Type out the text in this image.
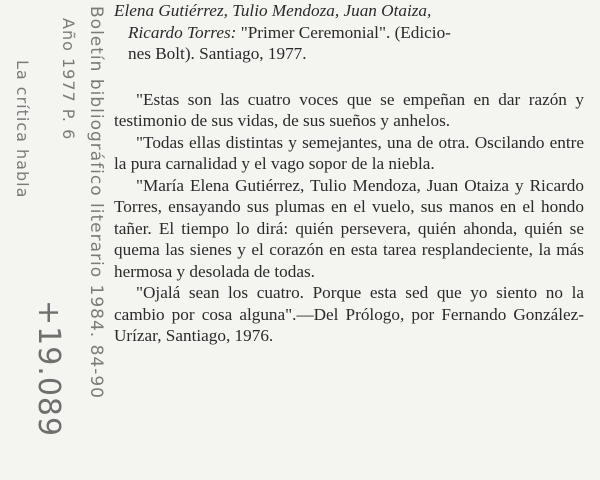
Boletín bibliográfico literario 1984. 84-90
Año 1977 P. 6
La crítica habla
+19.089

Elena Gutiérrez, Tulio Mendoza, Juan Otaiza,
Ricardo Torres: "Primer Ceremonial". (Edicio-
nes Bolt). Santiago, 1977.

"Estas son las cuatro voces que se empeñan en dar razón y testimonio de sus vidas, de sus sueños y anhelos.

"Todas ellas distintas y semejantes, una de otra. Oscilando entre la pura carnalidad y el vago sopor de la niebla.

"María Elena Gutiérrez, Tulio Mendoza, Juan Otaiza y Ricardo Torres, ensayando sus plumas en el vuelo, sus manos en el hondo tañer. El tiempo lo dirá: quién persevera, quién ahonda, quién se quema las sienes y el corazón en esta tarea resplandeciente, la más hermosa y desolada de todas.

"Ojalá sean los cuatro. Porque esta sed que yo siento no la cambio por cosa alguna".—Del Prólogo, por Fernando González-Urízar, Santiago, 1976.
